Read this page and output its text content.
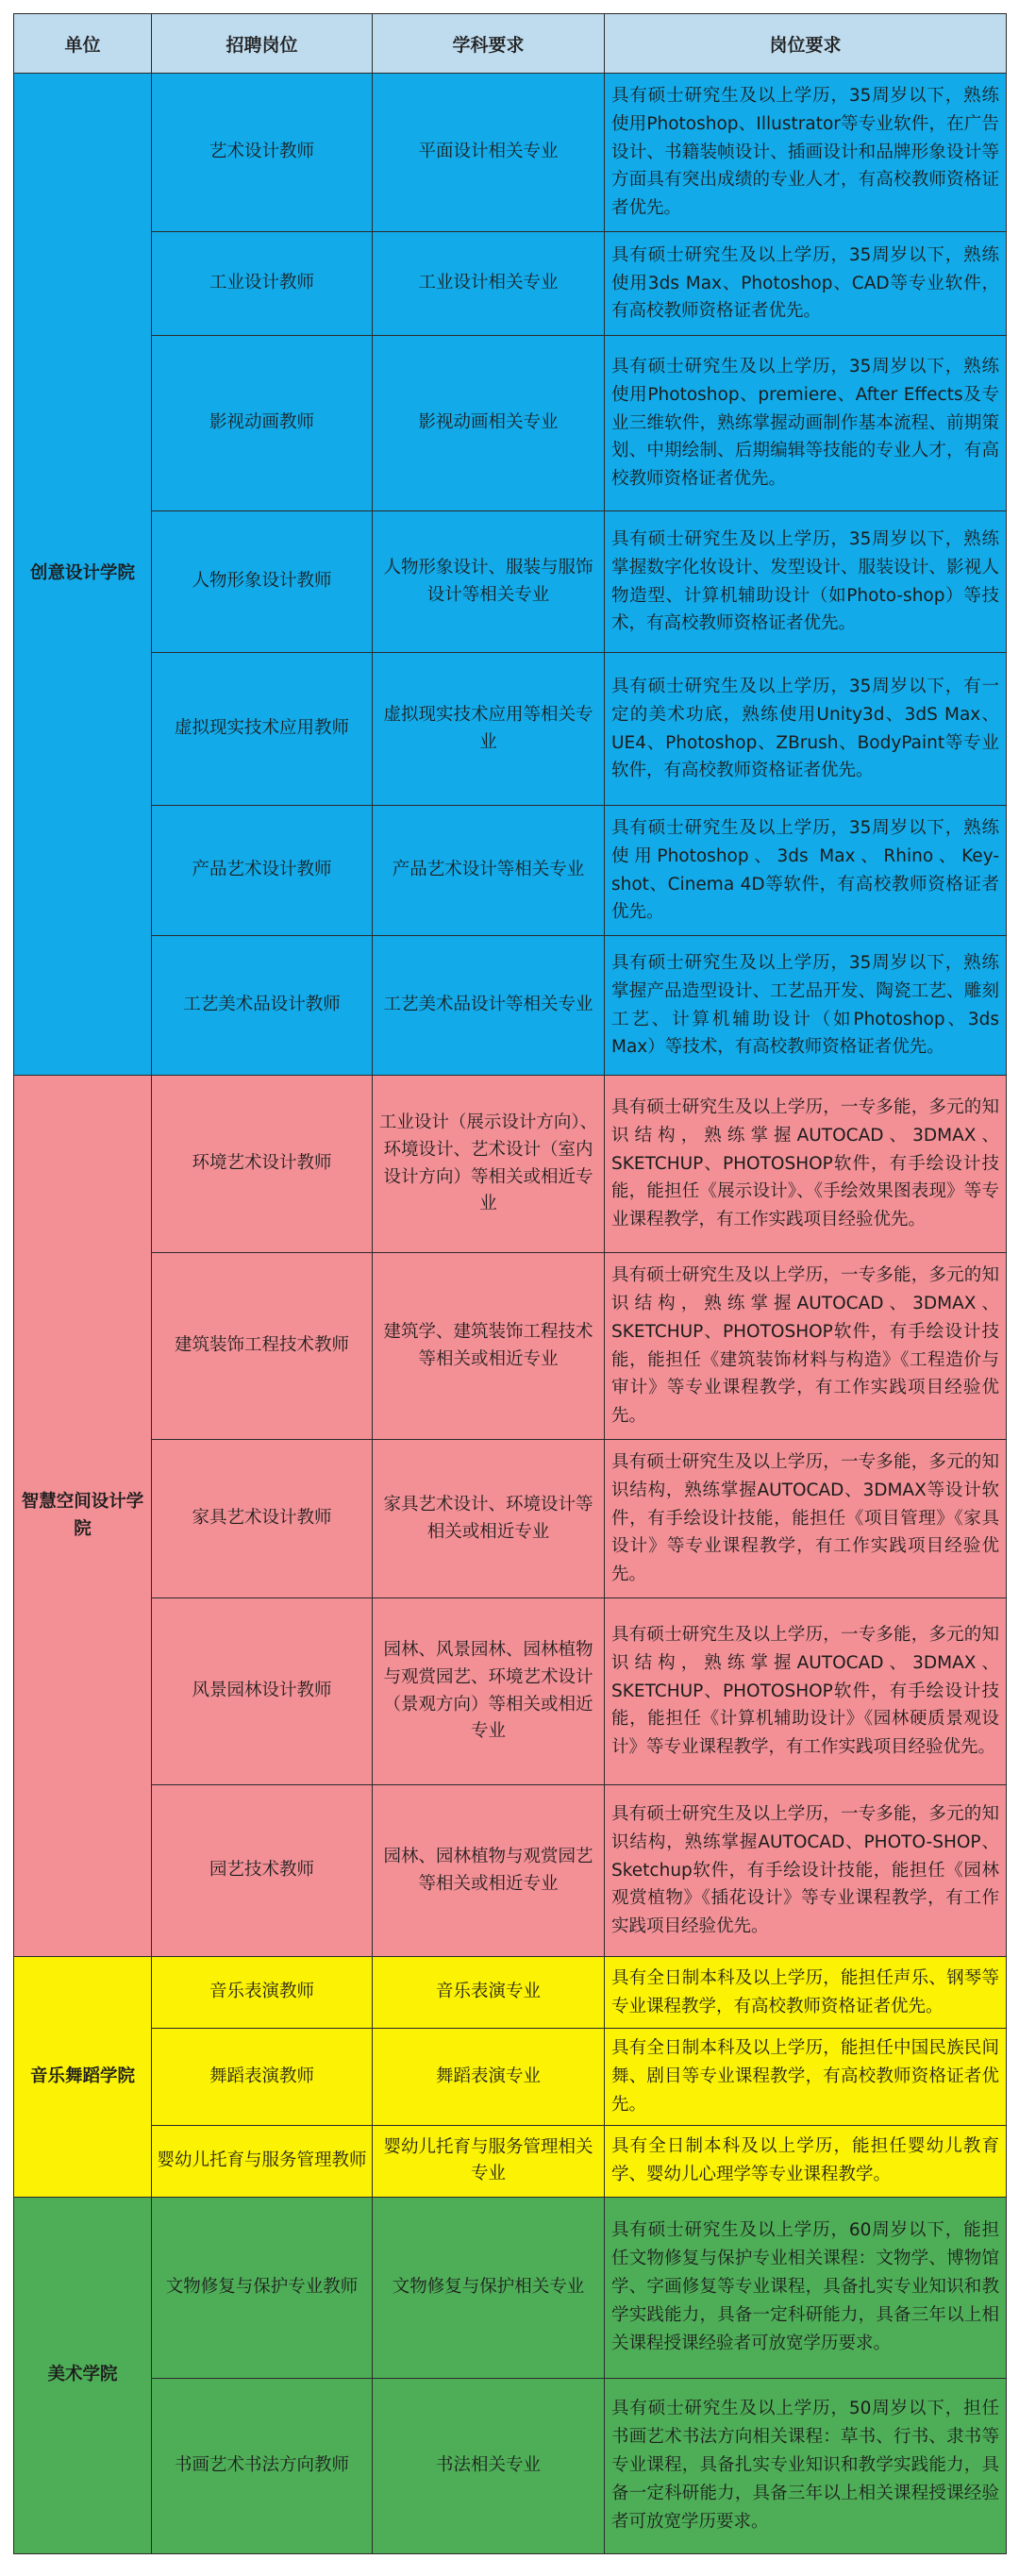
单位	招聘岗位	学科要求	岗位要求
创意设计学院	艺术设计教师	平面设计相关专业	具有硕士研究生及以上学历，35周岁以下，熟练使用Photoshop、Illustrator等专业软件，在广告设计、书籍装帧设计、插画设计和品牌形象设计等方面具有突出成绩的专业人才，有高校教师资格证者优先。
	工业设计教师	工业设计相关专业	具有硕士研究生及以上学历，35周岁以下，熟练使用3ds Max、Photoshop、CAD等专业软件，有高校教师资格证者优先。
	影视动画教师	影视动画相关专业	具有硕士研究生及以上学历，35周岁以下，熟练使用Photoshop、premiere、After Effects及专业三维软件，熟练掌握动画制作基本流程、前期策划、中期绘制、后期编辑等技能的专业人才，有高校教师资格证者优先。
	人物形象设计教师	人物形象设计、服装与服饰设计等相关专业	具有硕士研究生及以上学历，35周岁以下，熟练掌握数字化妆设计、发型设计、服装设计、影视人物造型、计算机辅助设计（如Photo-shop）等技术，有高校教师资格证者优先。
	虚拟现实技术应用教师	虚拟现实技术应用等相关专业	具有硕士研究生及以上学历，35周岁以下，有一定的美术功底，熟练使用Unity3d、3dS Max、UE4、Photoshop、ZBrush、BodyPaint等专业软件，有高校教师资格证者优先。
	产品艺术设计教师	产品艺术设计等相关专业	具有硕士研究生及以上学历，35周岁以下，熟练使用Photoshop、3ds Max、Rhino、Key-shot、Cinema 4D等软件，有高校教师资格证者优先。
	工艺美术品设计教师	工艺美术品设计等相关专业	具有硕士研究生及以上学历，35周岁以下，熟练掌握产品造型设计、工艺品开发、陶瓷工艺、雕刻工艺、计算机辅助设计（如Photoshop、3ds Max）等技术，有高校教师资格证者优先。
智慧空间设计学院	环境艺术设计教师	工业设计（展示设计方向）、环境设计、艺术设计（室内设计方向）等相关或相近专业	具有硕士研究生及以上学历，一专多能，多元的知识结构，熟练掌握AUTOCAD、3DMAX、SKETCHUP、PHOTOSHOP软件，有手绘设计技能，能担任《展示设计》、《手绘效果图表现》等专业课程教学，有工作实践项目经验优先。
	建筑装饰工程技术教师	建筑学、建筑装饰工程技术等相关或相近专业	具有硕士研究生及以上学历，一专多能，多元的知识结构，熟练掌握AUTOCAD、3DMAX、SKETCHUP、PHOTOSHOP软件，有手绘设计技能，能担任《建筑装饰材料与构造》《工程造价与审计》等专业课程教学，有工作实践项目经验优先。
	家具艺术设计教师	家具艺术设计、环境设计等相关或相近专业	具有硕士研究生及以上学历，一专多能，多元的知识结构，熟练掌握AUTOCAD、3DMAX等设计软件，有手绘设计技能，能担任《项目管理》《家具设计》等专业课程教学，有工作实践项目经验优先。
	风景园林设计教师	园林、风景园林、园林植物与观赏园艺、环境艺术设计（景观方向）等相关或相近专业	具有硕士研究生及以上学历，一专多能，多元的知识结构，熟练掌握AUTOCAD、3DMAX、SKETCHUP、PHOTOSHOP软件，有手绘设计技能，能担任《计算机辅助设计》《园林硬质景观设计》等专业课程教学，有工作实践项目经验优先。
	园艺技术教师	园林、园林植物与观赏园艺等相关或相近专业	具有硕士研究生及以上学历，一专多能，多元的知识结构，熟练掌握AUTOCAD、PHOTO-SHOP、Sketchup软件，有手绘设计技能，能担任《园林观赏植物》《插花设计》等专业课程教学，有工作实践项目经验优先。
音乐舞蹈学院	音乐表演教师	音乐表演专业	具有全日制本科及以上学历，能担任声乐、钢琴等专业课程教学，有高校教师资格证者优先。
	舞蹈表演教师	舞蹈表演专业	具有全日制本科及以上学历，能担任中国民族民间舞、剧目等专业课程教学，有高校教师资格证者优先。
	婴幼儿托育与服务管理教师	婴幼儿托育与服务管理相关专业	具有全日制本科及以上学历，能担任婴幼儿教育学、婴幼儿心理学等专业课程教学。
美术学院	文物修复与保护专业教师	文物修复与保护相关专业	具有硕士研究生及以上学历，60周岁以下，能担任文物修复与保护专业相关课程：文物学、博物馆学、字画修复等专业课程，具备扎实专业知识和教学实践能力，具备一定科研能力，具备三年以上相关课程授课经验者可放宽学历要求。
	书画艺术书法方向教师	书法相关专业	具有硕士研究生及以上学历，50周岁以下，担任书画艺术书法方向相关课程：草书、行书、隶书等专业课程，具备扎实专业知识和教学实践能力，具备一定科研能力，具备三年以上相关课程授课经验者可放宽学历要求。
